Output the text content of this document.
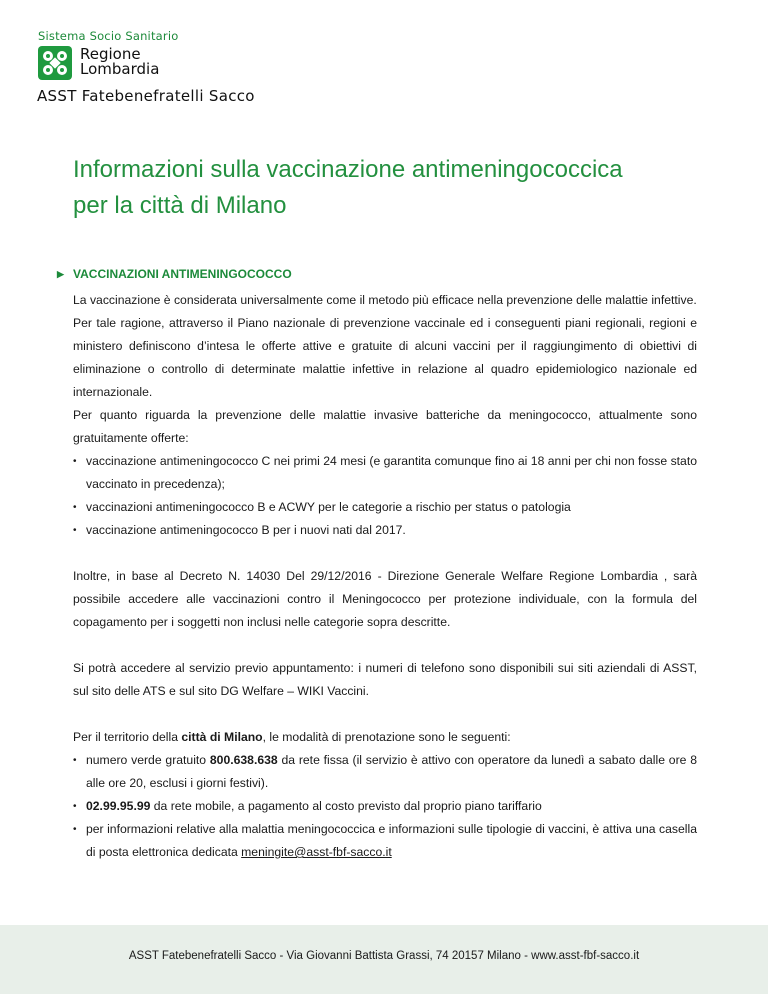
Sistema Socio Sanitario
Regione
Lombardia
ASST Fatebenefratelli Sacco
Informazioni sulla vaccinazione antimeningococcica
per la città di Milano

▶ VACCINAZIONI ANTIMENINGOCOCCO

La vaccinazione è considerata universalmente come il metodo più efficace nella prevenzione delle malattie infettive.

Per tale ragione, attraverso il Piano nazionale di prevenzione vaccinale ed i conseguenti piani regionali, regioni e ministero definiscono d’intesa le offerte attive e gratuite di alcuni vaccini per il raggiungimento di obiettivi di eliminazione o controllo di determinate malattie infettive in relazione al quadro epidemiologico nazionale ed internazionale.

Per quanto riguarda la prevenzione delle malattie invasive batteriche da meningococco, attualmente sono gratuitamente offerte:

• vaccinazione antimeningococco C nei primi 24 mesi (e garantita comunque fino ai 18 anni per chi non fosse stato vaccinato in precedenza);

• vaccinazioni antimeningococco B e ACWY per le categorie a rischio per status o patologia

• vaccinazione antimeningococco B per i nuovi nati dal 2017.

Inoltre, in base al Decreto N. 14030 Del 29/12/2016 - Direzione Generale Welfare Regione Lombardia , sarà possibile accedere alle vaccinazioni contro il Meningococco per protezione individuale, con la formula del copagamento per i soggetti non inclusi nelle categorie sopra descritte.

Si potrà accedere al servizio previo appuntamento: i numeri di telefono sono disponibili sui siti aziendali di ASST, sul sito delle ATS e sul sito DG Welfare – WIKI Vaccini.

Per il territorio della città di Milano, le modalità di prenotazione sono le seguenti:

• numero verde gratuito 800.638.638 da rete fissa (il servizio è attivo con operatore da lunedì a sabato dalle ore 8 alle ore 20, esclusi i giorni festivi).

• 02.99.95.99 da rete mobile, a pagamento al costo previsto dal proprio piano tariffario

• per informazioni relative alla malattia meningococcica e informazioni sulle tipologie di vaccini, è attiva una casella di posta elettronica dedicata meningite@asst-fbf-sacco.it

ASST Fatebenefratelli Sacco - Via Giovanni Battista Grassi, 74 20157 Milano - www.asst-fbf-sacco.it
